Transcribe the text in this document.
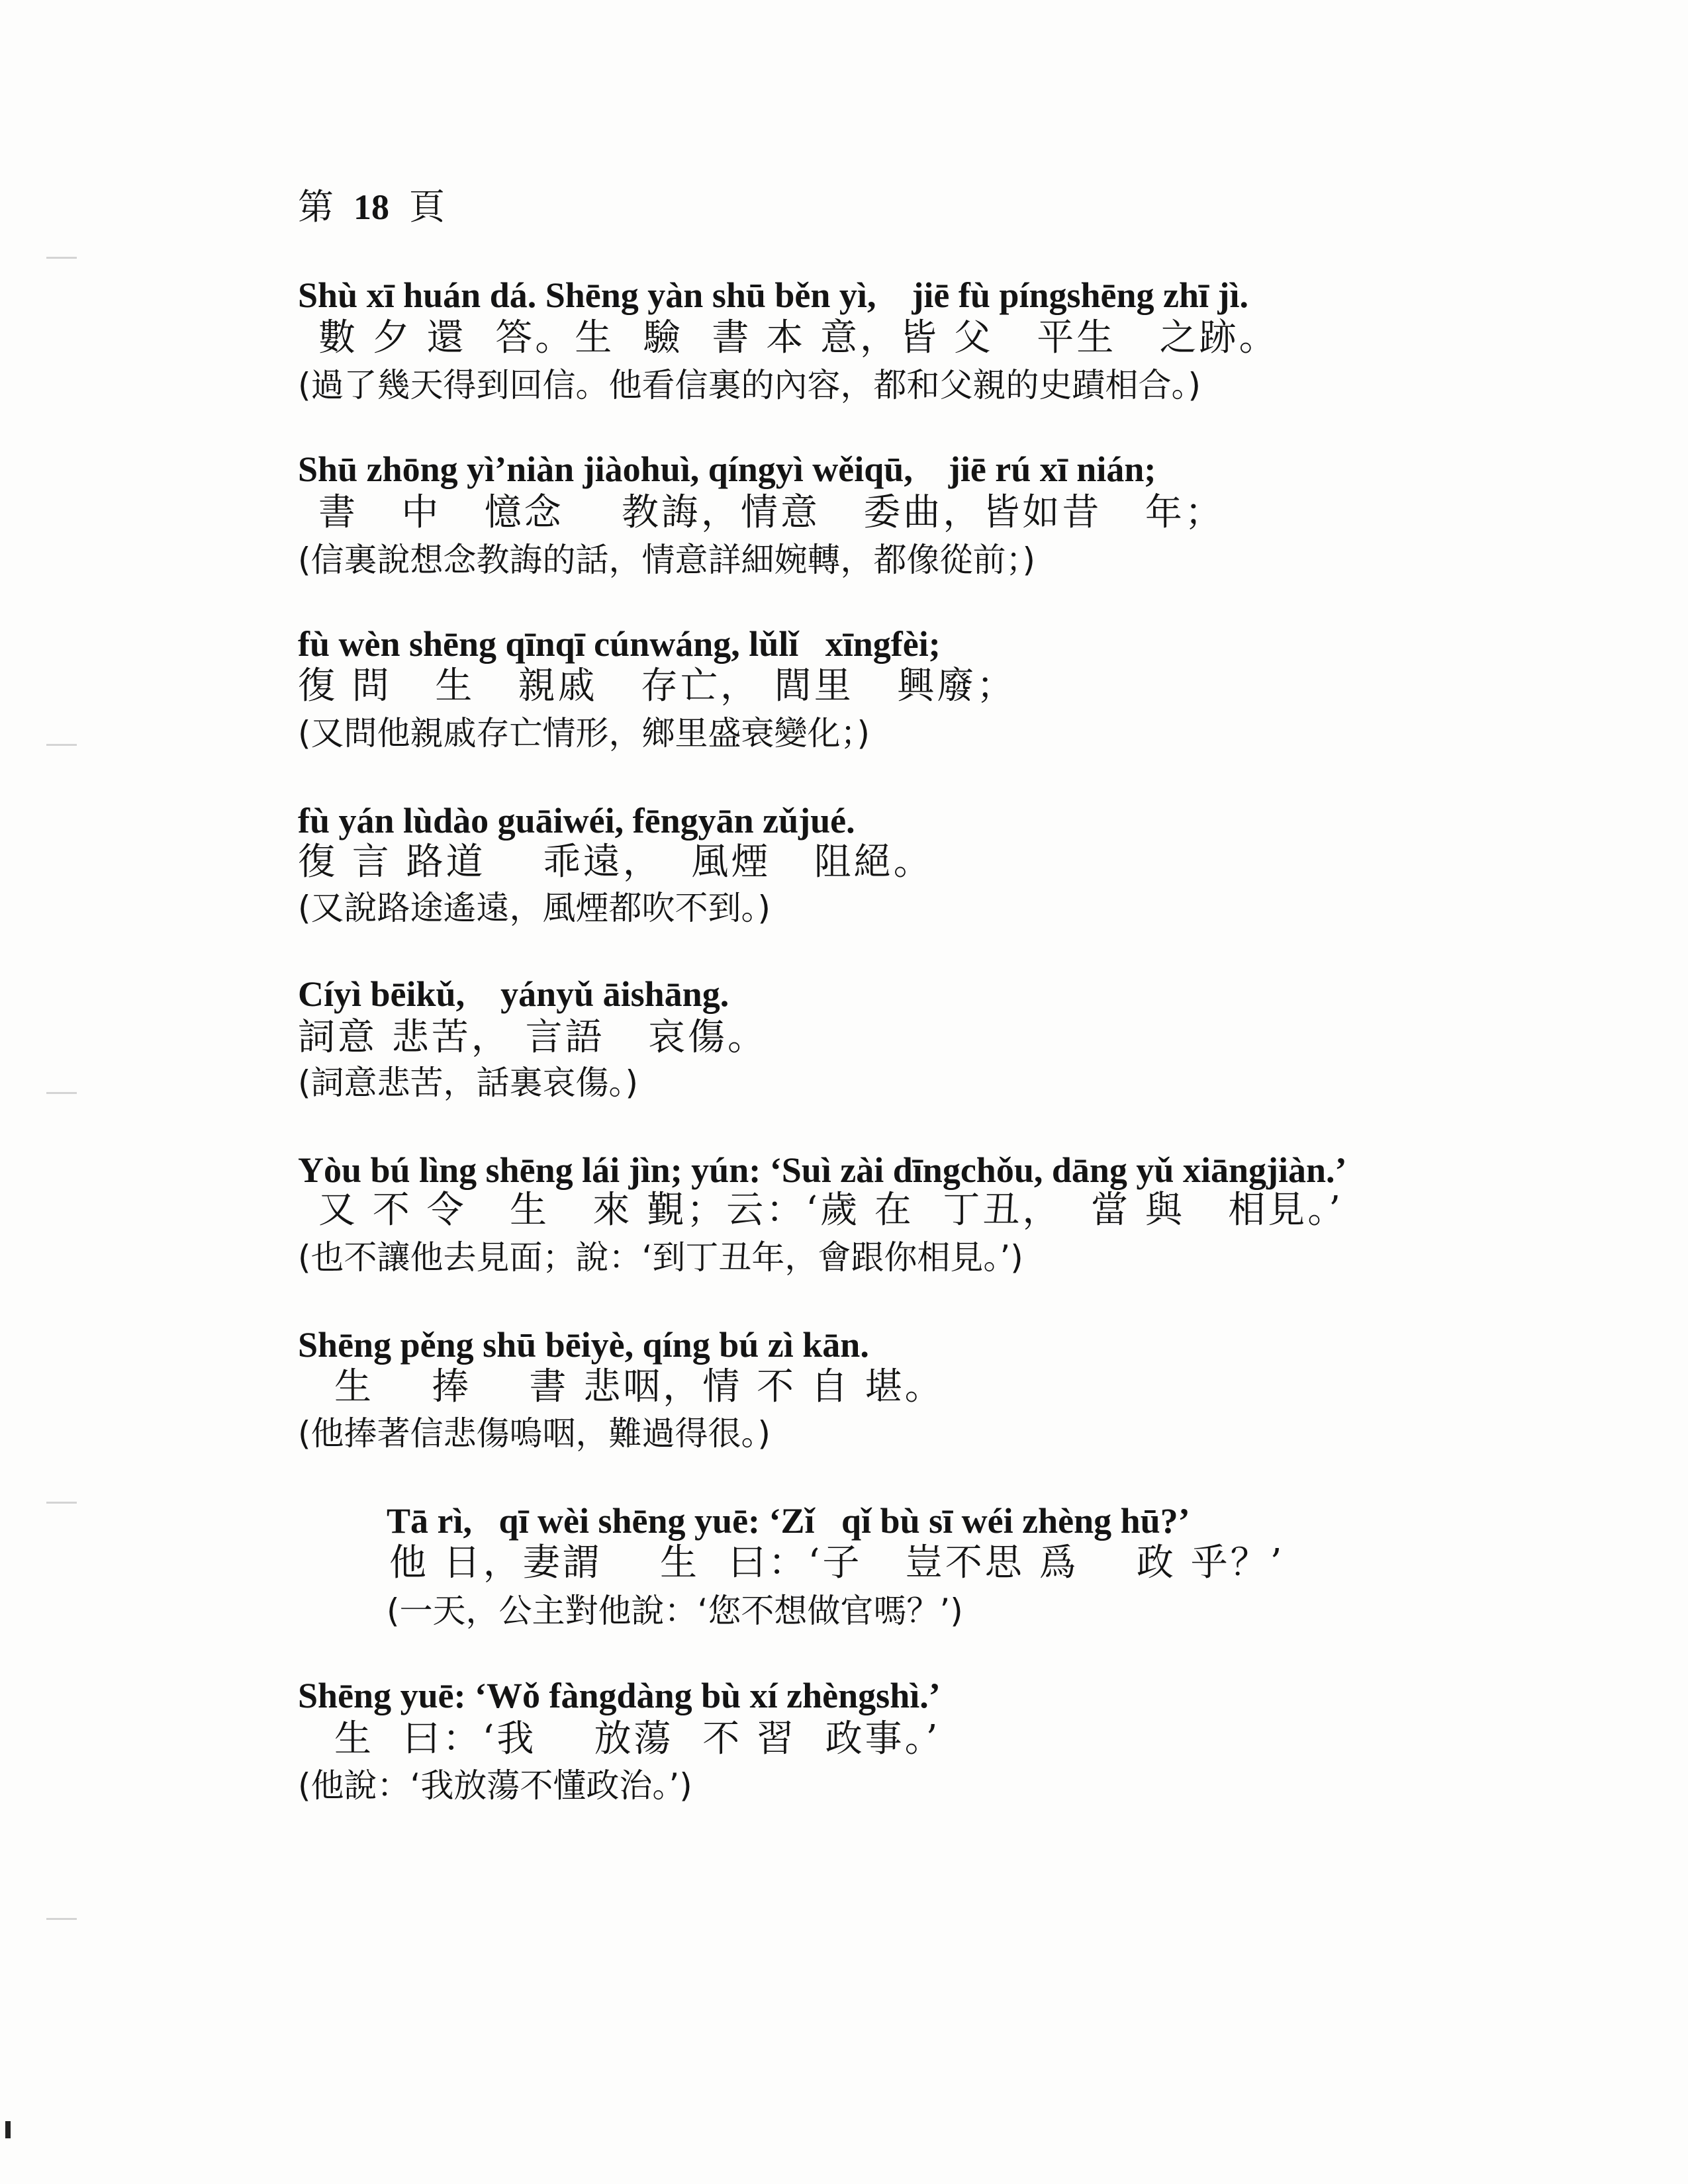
第 18 頁

Shù xī huán dá. Shēng yàn shū běn yì,    jiē fù píngshēng zhī jì.

數 夕 還  答。生  驗  書 本 意，皆 父   平生   之跡。

(過了幾天得到回信。他看信裏的內容，都和父親的史蹟相合。)

Shū zhōng yì’niàn jiàohuì, qíngyì wěiqū,    jiē rú xī nián;

書   中   憶念    教誨，情意   委曲，皆如昔   年；

(信裏說想念教誨的話，情意詳細婉轉，都像從前；)

fù wèn shēng qīnqī cúnwáng, lǔlǐ   xīngfèi;

復 問   生   親戚   存亡， 閭里   興廢；

(又問他親戚存亡情形，鄉里盛衰變化；)

fù yán lùdào guāiwéi, fēngyān zǔjué.

復 言 路道    乖遠，  風煙   阻絕。

(又說路途遙遠，風煙都吹不到。)

Cíyì bēikǔ,    yányǔ āishāng.

詞意 悲苦， 言語   哀傷。

(詞意悲苦，話裏哀傷。)

Yòu bú lìng shēng lái jìn; yún: ‘Suì zài dīngchǒu, dāng yǔ xiāngjiàn.’

又 不 令   生   來 覲；云：‘歲 在  丁丑，  當 與   相見。’

(也不讓他去見面；說：‘到丁丑年，會跟你相見。’)

Shēng pěng shū bēiyè, qíng bú zì kān.

生    捧    書 悲咽，情 不 自 堪。

(他捧著信悲傷嗚咽，難過得很。)

Tā rì,   qī wèi shēng yuē: ‘Zǐ   qǐ bù sī wéi zhèng hū?’

他 日，妻謂    生  曰：‘子   豈不思 爲    政 乎？’

(一天，公主對他說：‘您不想做官嗎？’)

Shēng yuē: ‘Wǒ fàngdàng bù xí zhèngshì.’

生  曰：‘我    放蕩  不 習  政事。’

(他說：‘我放蕩不懂政治。’)
